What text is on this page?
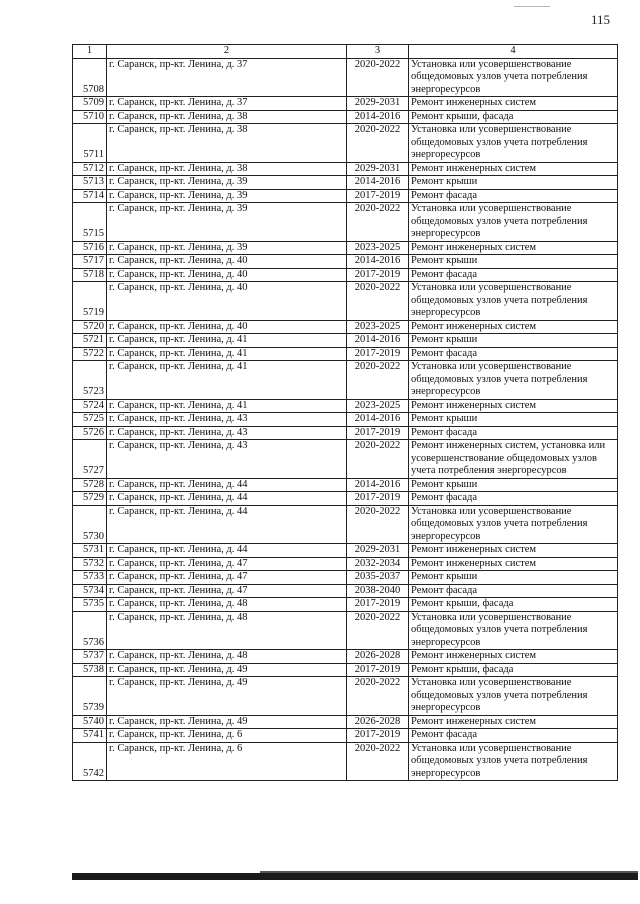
115
1	2	3	4
5708	г. Саранск, пр-кт. Ленина, д. 37	2020-2022	Установка или усовершенствование общедомовых узлов учета потребления энергоресурсов
5709	г. Саранск, пр-кт. Ленина, д. 37	2029-2031	Ремонт инженерных систем
5710	г. Саранск, пр-кт. Ленина, д. 38	2014-2016	Ремонт крыши, фасада
5711	г. Саранск, пр-кт. Ленина, д. 38	2020-2022	Установка или усовершенствование общедомовых узлов учета потребления энергоресурсов
5712	г. Саранск, пр-кт. Ленина, д. 38	2029-2031	Ремонт инженерных систем
5713	г. Саранск, пр-кт. Ленина, д. 39	2014-2016	Ремонт крыши
5714	г. Саранск, пр-кт. Ленина, д. 39	2017-2019	Ремонт фасада
5715	г. Саранск, пр-кт. Ленина, д. 39	2020-2022	Установка или усовершенствование общедомовых узлов учета потребления энергоресурсов
5716	г. Саранск, пр-кт. Ленина, д. 39	2023-2025	Ремонт инженерных систем
5717	г. Саранск, пр-кт. Ленина, д. 40	2014-2016	Ремонт крыши
5718	г. Саранск, пр-кт. Ленина, д. 40	2017-2019	Ремонт фасада
5719	г. Саранск, пр-кт. Ленина, д. 40	2020-2022	Установка или усовершенствование общедомовых узлов учета потребления энергоресурсов
5720	г. Саранск, пр-кт. Ленина, д. 40	2023-2025	Ремонт инженерных систем
5721	г. Саранск, пр-кт. Ленина, д. 41	2014-2016	Ремонт крыши
5722	г. Саранск, пр-кт. Ленина, д. 41	2017-2019	Ремонт фасада
5723	г. Саранск, пр-кт. Ленина, д. 41	2020-2022	Установка или усовершенствование общедомовых узлов учета потребления энергоресурсов
5724	г. Саранск, пр-кт. Ленина, д. 41	2023-2025	Ремонт инженерных систем
5725	г. Саранск, пр-кт. Ленина, д. 43	2014-2016	Ремонт крыши
5726	г. Саранск, пр-кт. Ленина, д. 43	2017-2019	Ремонт фасада
5727	г. Саранск, пр-кт. Ленина, д. 43	2020-2022	Ремонт инженерных систем, установка или усовершенствование общедомовых узлов учета потребления энергоресурсов
5728	г. Саранск, пр-кт. Ленина, д. 44	2014-2016	Ремонт крыши
5729	г. Саранск, пр-кт. Ленина, д. 44	2017-2019	Ремонт фасада
5730	г. Саранск, пр-кт. Ленина, д. 44	2020-2022	Установка или усовершенствование общедомовых узлов учета потребления энергоресурсов
5731	г. Саранск, пр-кт. Ленина, д. 44	2029-2031	Ремонт инженерных систем
5732	г. Саранск, пр-кт. Ленина, д. 47	2032-2034	Ремонт инженерных систем
5733	г. Саранск, пр-кт. Ленина, д. 47	2035-2037	Ремонт крыши
5734	г. Саранск, пр-кт. Ленина, д. 47	2038-2040	Ремонт фасада
5735	г. Саранск, пр-кт. Ленина, д. 48	2017-2019	Ремонт крыши, фасада
5736	г. Саранск, пр-кт. Ленина, д. 48	2020-2022	Установка или усовершенствование общедомовых узлов учета потребления энергоресурсов
5737	г. Саранск, пр-кт. Ленина, д. 48	2026-2028	Ремонт инженерных систем
5738	г. Саранск, пр-кт. Ленина, д. 49	2017-2019	Ремонт крыши, фасада
5739	г. Саранск, пр-кт. Ленина, д. 49	2020-2022	Установка или усовершенствование общедомовых узлов учета потребления энергоресурсов
5740	г. Саранск, пр-кт. Ленина, д. 49	2026-2028	Ремонт инженерных систем
5741	г. Саранск, пр-кт. Ленина, д. 6	2017-2019	Ремонт фасада
5742	г. Саранск, пр-кт. Ленина, д. 6	2020-2022	Установка или усовершенствование общедомовых узлов учета потребления энергоресурсов
